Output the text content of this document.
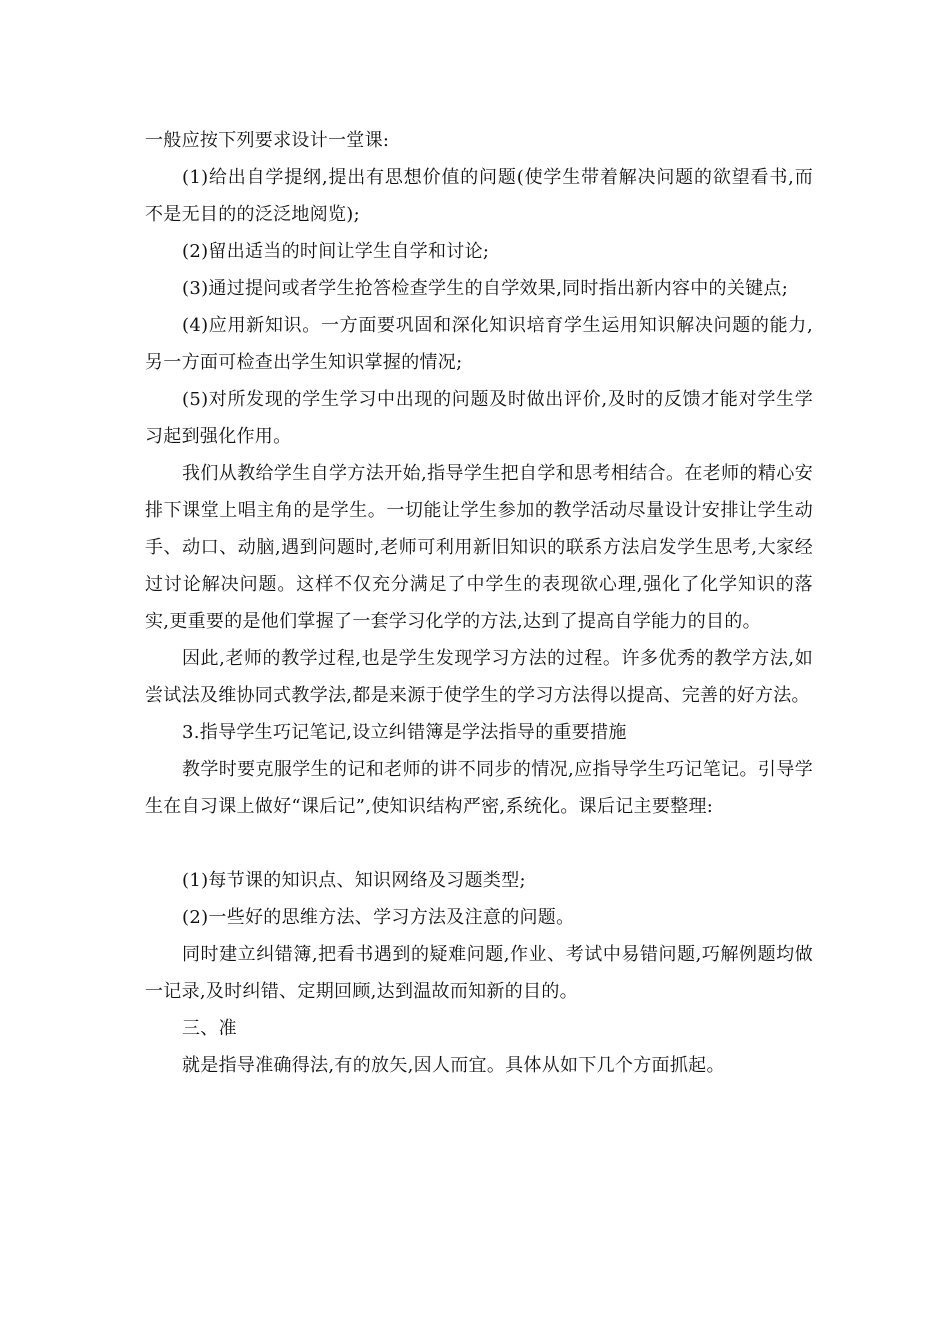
一般应按下列要求设计一堂课:

(1)给出自学提纲,提出有思想价值的问题(使学生带着解决问题的欲望看书,而不是无目的的泛泛地阅览);

(2)留出适当的时间让学生自学和讨论;

(3)通过提问或者学生抢答检查学生的自学效果,同时指出新内容中的关键点;

(4)应用新知识。一方面要巩固和深化知识培育学生运用知识解决问题的能力,另一方面可检查出学生知识掌握的情况;

(5)对所发现的学生学习中出现的问题及时做出评价,及时的反馈才能对学生学习起到强化作用。

我们从教给学生自学方法开始,指导学生把自学和思考相结合。在老师的精心安排下课堂上唱主角的是学生。一切能让学生参加的教学活动尽量设计安排让学生动手、动口、动脑,遇到问题时,老师可利用新旧知识的联系方法启发学生思考,大家经过讨论解决问题。这样不仅充分满足了中学生的表现欲心理,强化了化学知识的落实,更重要的是他们掌握了一套学习化学的方法,达到了提高自学能力的目的。

因此,老师的教学过程,也是学生发现学习方法的过程。许多优秀的教学方法,如尝试法及维协同式教学法,都是来源于使学生的学习方法得以提高、完善的好方法。

3.指导学生巧记笔记,设立纠错簿是学法指导的重要措施

教学时要克服学生的记和老师的讲不同步的情况,应指导学生巧记笔记。引导学生在自习课上做好“课后记”,使知识结构严密,系统化。课后记主要整理:

(1)每节课的知识点、知识网络及习题类型;

(2)一些好的思维方法、学习方法及注意的问题。

同时建立纠错簿,把看书遇到的疑难问题,作业、考试中易错问题,巧解例题均做一记录,及时纠错、定期回顾,达到温故而知新的目的。

三、准

就是指导准确得法,有的放矢,因人而宜。具体从如下几个方面抓起。
